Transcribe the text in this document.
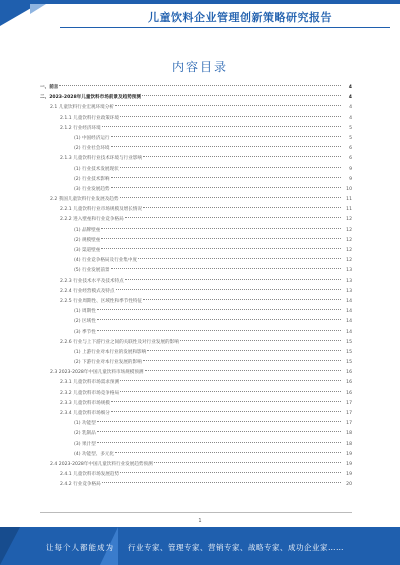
儿童饮料企业管理创新策略研究报告
内容目录
一、前言	4
二、2023-2028年儿童饮料市场前景及趋势预测	4
2.1 儿童饮料行业宏观环境分析	4
2.1.1 儿童饮料行业政策环境	4
2.1.2 行业经济环境	5
(1) 中国经济运行	5
(2) 行业社会环境	6
2.1.3 儿童饮料行业技术环境与行业影响	6
(1) 行业技术发展现状	9
(2) 行业技术影响	9
(3) 行业发展趋势	10
2.2 我国儿童饮料行业发展及趋势	11
2.2.1 儿童饮料行业市场规模及增长情况	11
2.2.2 进入壁垒和行业竞争格局	12
(1) 品牌壁垒	12
(2) 规模壁垒	12
(3) 渠道壁垒	12
(4) 行业竞争格局及行业集中度	12
(5) 行业发展前景	13
2.2.3 行业技术水平及技术特点	13
2.2.4 行业经营模式及特点	13
2.2.5 行业周期性、区域性和季节性特征	14
(1) 周期性	14
(2) 区域性	14
(3) 季节性	14
2.2.6 行业与上下游行业之间的关联性及对行业发展的影响	15
(1) 上游行业对本行业的发展和影响	15
(2) 下游行业对本行业发展的影响	15
2.3 2023-2028年中国儿童饮料市场规模预测	16
2.3.1 儿童饮料市场需求预测	16
2.3.2 儿童饮料市场竞争格局	16
2.3.3 儿童饮料市场规模	17
2.3.4 儿童饮料市场细分	17
(1) 功能型	17
(2) 乳制品	18
(3) 果汁型	18
(4) 功能型、多元化	19
2.4 2023-2028年中国儿童饮料行业发展趋势预测	19
2.4.1 儿童饮料市场发展趋势	19
2.4.2 行业竞争格局	20
1
让每个人都能成为 行业专家、管理专家、营销专家、战略专家、成功企业家……
